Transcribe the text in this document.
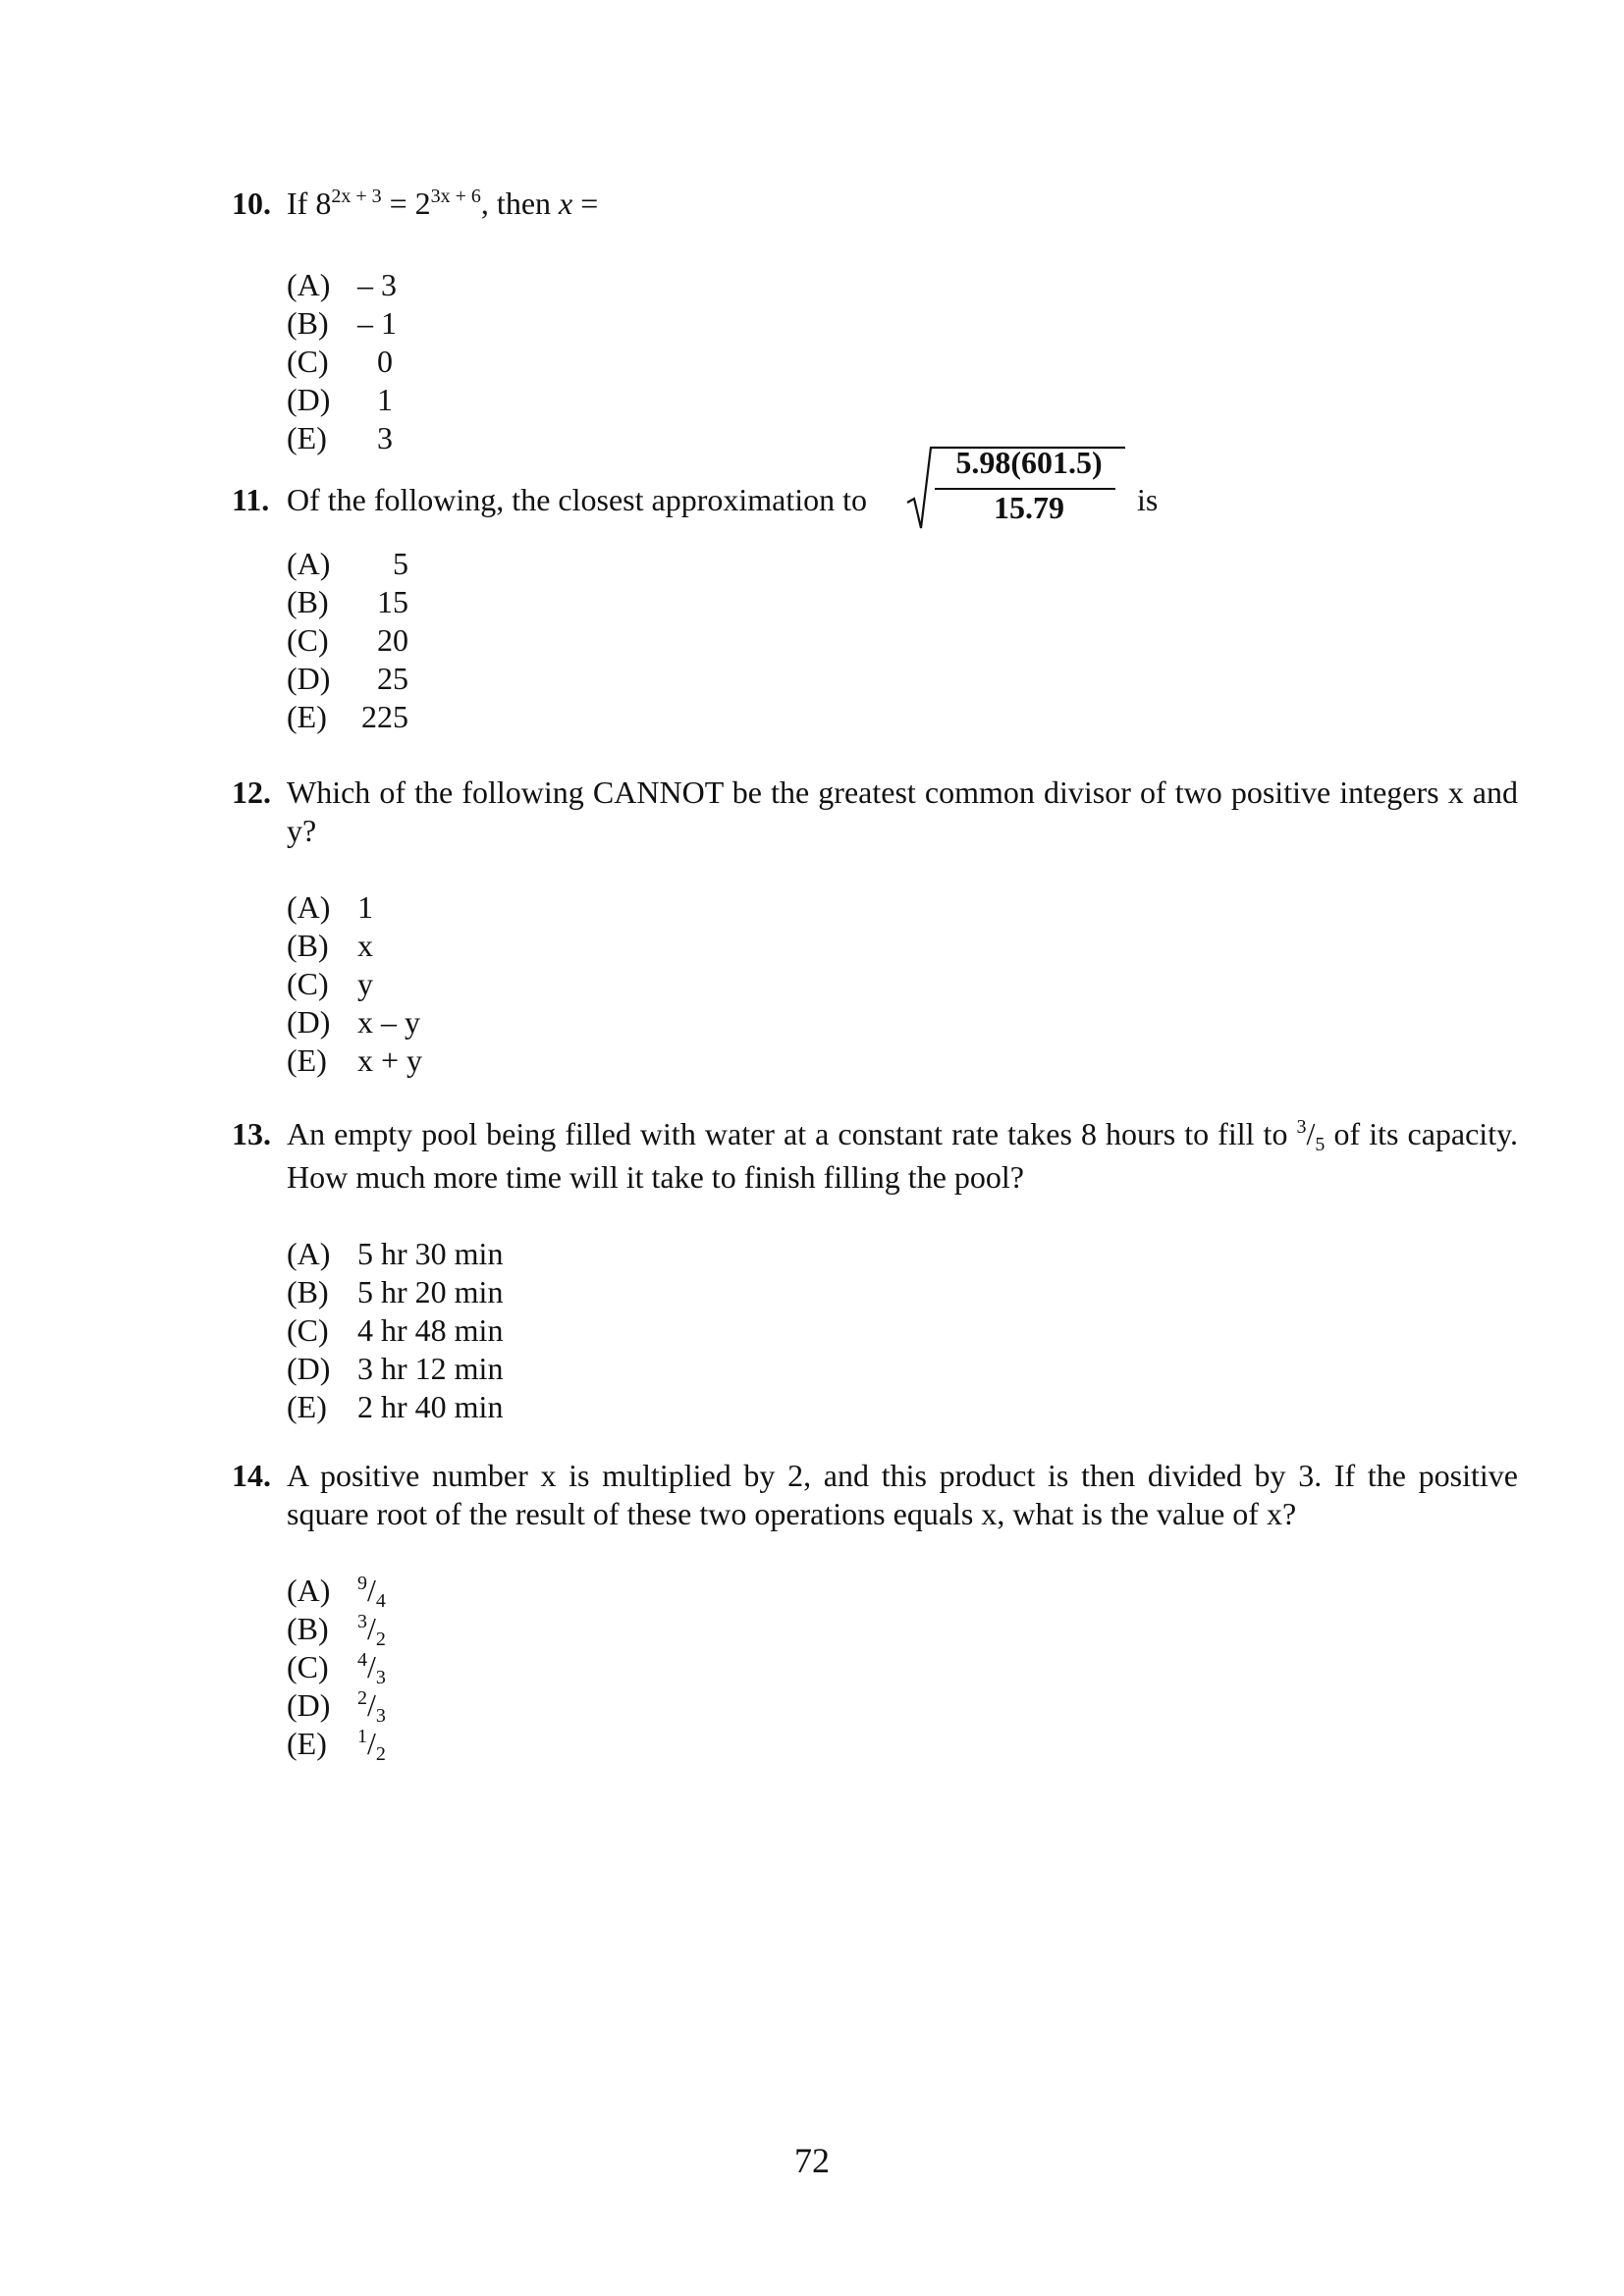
10. If $8^{2x + 3} = 2^{3x + 6}$, then x =
(A) – 3
(B) – 1
(C)	0
(D)	1
(E)	3
11. Of the following, the closest approximation to
5.98(601.5)
15.79	is
(A)	5
(B)	15
(C)	20
(D)	25
(E)	225
12. Which of the following CANNOT be the greatest common divisor of two positive integers x and y?
(A) 1
(B) x
(C) y
(D) x – y
(E) x + y
13. An empty pool being filled with water at a constant rate takes 8 hours to fill to $^3/_5$ of its capacity. How much more time will it take to finish filling the pool?
(A) 5 hr 30 min
(B) 5 hr 20 min
(C) 4 hr 48 min
(D) 3 hr 12 min
(E) 2 hr 40 min
14. A positive number x is multiplied by 2, and this product is then divided by 3. If the positive square root of the result of these two operations equals x, what is the value of x?
(A)	$^9/_4$
(B)	$^3/_2$
(C)	$^4/_3$
(D)	$^2/_3$
(E)	$^1/_2$
72
